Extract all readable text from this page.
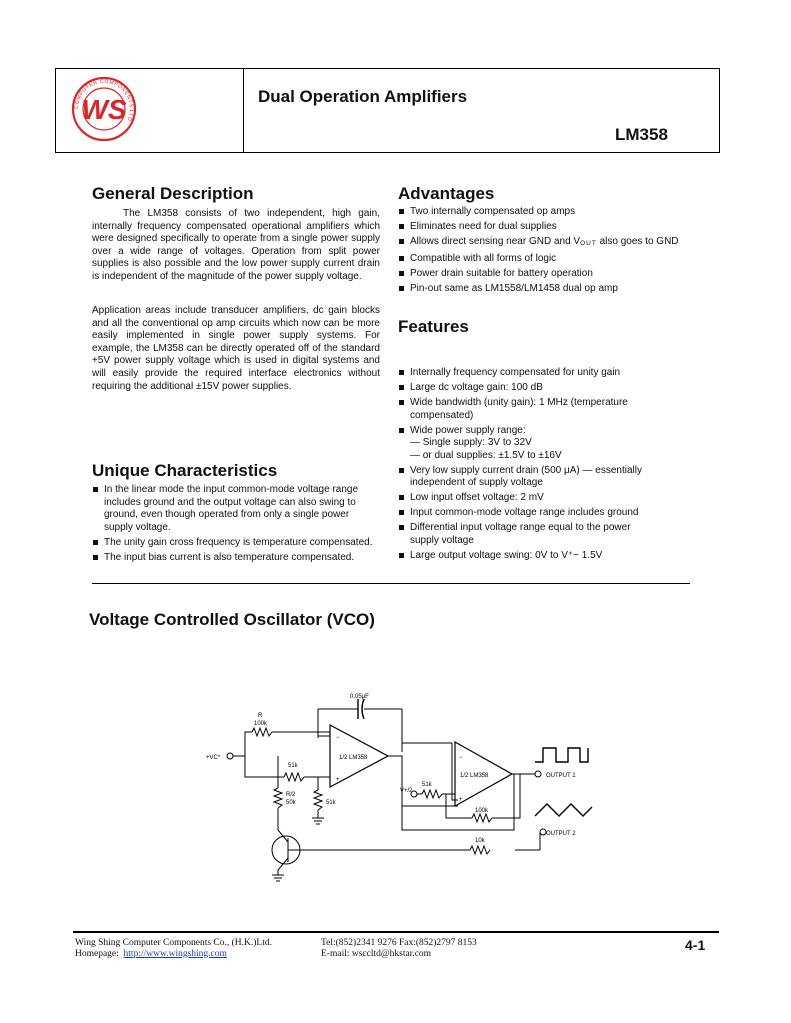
WS
COMPUTER COMPONENTS LTD
Dual Operation Amplifiers
LM358
General Description
The LM358 consists of two independent, high gain, internally frequency compensated operational amplifiers which were designed specifically to operate from a single power supply over a wide range of voltages. Operation from split power supplies is also possible and the low power supply current drain is independent of the magnitude of the power supply voltage.
Application areas include transducer amplifiers, dc gain blocks and all the conventional op amp circuits which now can be more easily implemented in single power supply systems. For example, the LM358 can be directly operated off of the standard +5V power supply voltage which is used in digital systems and will easily provide the required interface electronics without requiring the additional ±15V power supplies.
Unique Characteristics
In the linear mode the input common-mode voltage range includes ground and the output voltage can also swing to ground, even though operated from only a single power supply voltage.
The unity gain cross frequency is temperature compensated.
The input bias current is also temperature compensated.
Advantages
Two internally compensated op amps
Eliminates need for dual supplies
Allows direct sensing near GND and VOUT also goes to GND
Compatible with all forms of logic
Power drain suitable for battery operation
Pin-out same as LM1558/LM1458 dual op amp
Features
Internally frequency compensated for unity gain
Large dc voltage gain: 100 dB
Wide bandwidth (unity gain): 1 MHz (temperature compensated)
Wide power supply range:
— Single supply: 3V to 32V
— or dual supplies: ±1.5V to ±16V
Very low supply current drain (500 μA) — essentially independent of supply voltage
Low input offset voltage: 2 mV
Input common-mode voltage range includes ground
Differential input voltage range equal to the power supply voltage
Large output voltage swing: 0V to V⁺− 1.5V
Voltage Controlled Oscillator (VCO)
0.05μF
+VC*
R
100k
1/2 LM358
−
+
51k
R/2
50k	51k
10k
1/2 LM358
−
+
V+/2
51k
100k
OUTPUT 1
OUTPUT 2
Wing Shing Computer Components Co., (H.K.)Ltd.
Homepage: http://www.wingshing.com
Tel:(852)2341 9276 Fax:(852)2797 8153
E-mail: wsccltd@hkstar.com
4-1
